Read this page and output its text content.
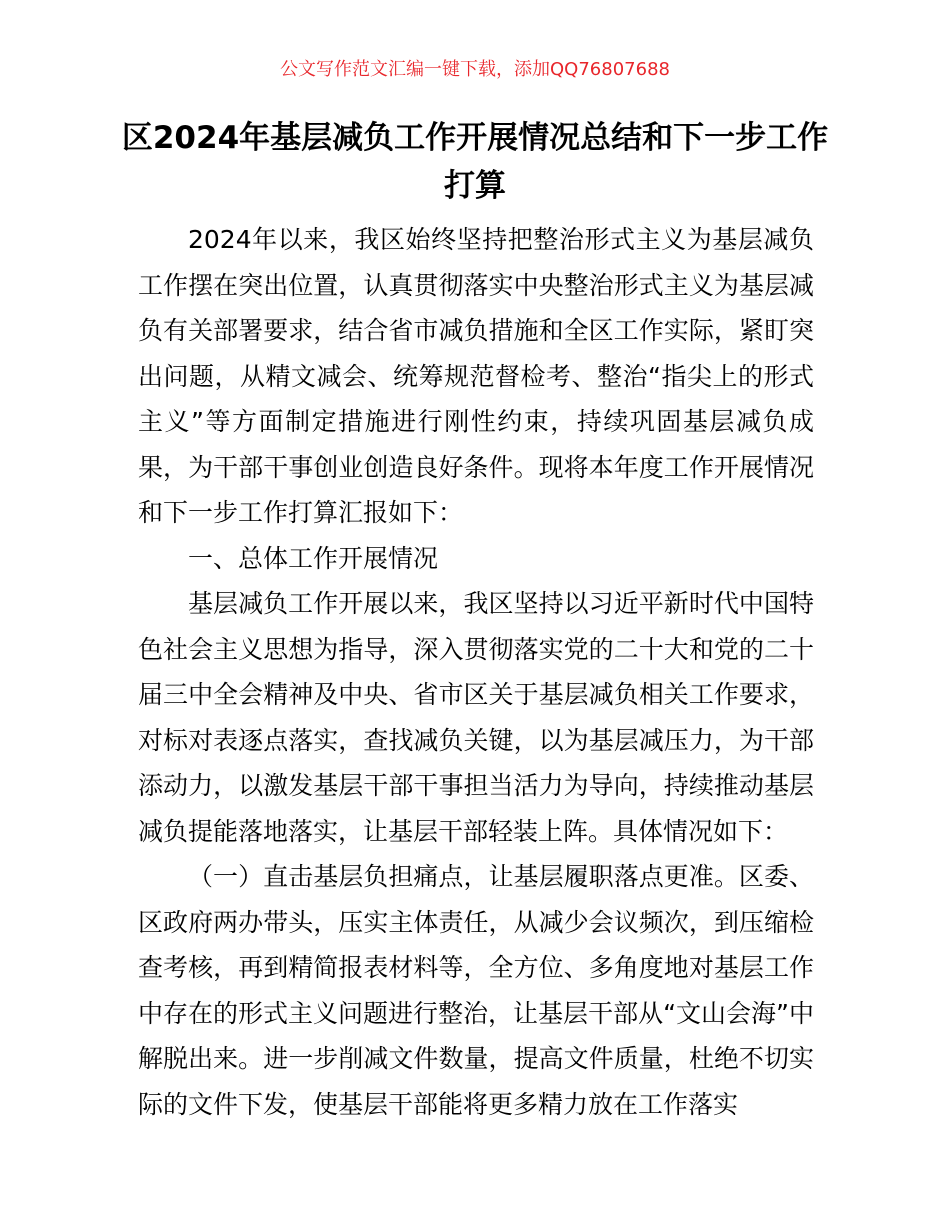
公文写作范文汇编一键下载，添加QQ76807688
区2024年基层减负工作开展情况总结和下一步工作打算

2024年以来，我区始终坚持把整治形式主义为基层减负工作摆在突出位置，认真贯彻落实中央整治形式主义为基层减负有关部署要求，结合省市减负措施和全区工作实际，紧盯突出问题，从精文减会、统筹规范督检考、整治“指尖上的形式主义”等方面制定措施进行刚性约束，持续巩固基层减负成果，为干部干事创业创造良好条件。现将本年度工作开展情况和下一步工作打算汇报如下：

一、总体工作开展情况

基层减负工作开展以来，我区坚持以习近平新时代中国特色社会主义思想为指导，深入贯彻落实党的二十大和党的二十届三中全会精神及中央、省市区关于基层减负相关工作要求，对标对表逐点落实，查找减负关键，以为基层减压力，为干部添动力，以激发基层干部干事担当活力为导向，持续推动基层减负提能落地落实，让基层干部轻装上阵。具体情况如下：

（一）直击基层负担痛点，让基层履职落点更准。区委、区政府两办带头，压实主体责任，从减少会议频次，到压缩检查考核，再到精简报表材料等，全方位、多角度地对基层工作中存在的形式主义问题进行整治，让基层干部从“文山会海”中解脱出来。进一步削减文件数量，提高文件质量，杜绝不切实际的文件下发，使基层干部能将更多精力放在工作落实
